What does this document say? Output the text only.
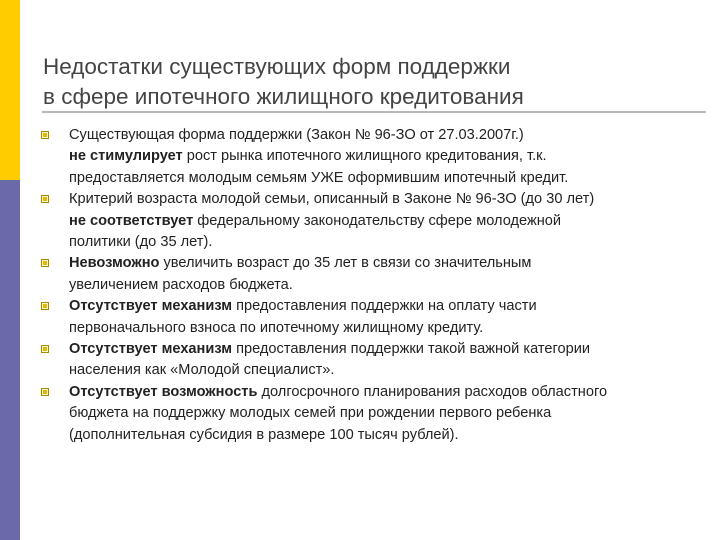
Недостатки существующих форм поддержки
в сфере ипотечного жилищного кредитования
Существующая форма поддержки (Закон № 96-ЗО от 27.03.2007г.)
не стимулирует рост рынка ипотечного жилищного кредитования, т.к.
предоставляется молодым семьям УЖЕ оформившим ипотечный кредит.
Критерий возраста молодой семьи, описанный в Законе № 96-ЗО (до 30 лет)
не соответствует федеральному законодательству сфере молодежной
политики (до 35 лет).
Невозможно увеличить возраст до 35 лет в связи со значительным
увеличением расходов бюджета.
Отсутствует механизм предоставления поддержки на оплату части
первоначального взноса по ипотечному жилищному кредиту.
Отсутствует механизм предоставления поддержки такой важной категории
населения как «Молодой специалист».
Отсутствует возможность долгосрочного планирования расходов областного
бюджета на поддержку молодых семей при рождении первого ребенка
(дополнительная субсидия в размере 100 тысяч рублей).
